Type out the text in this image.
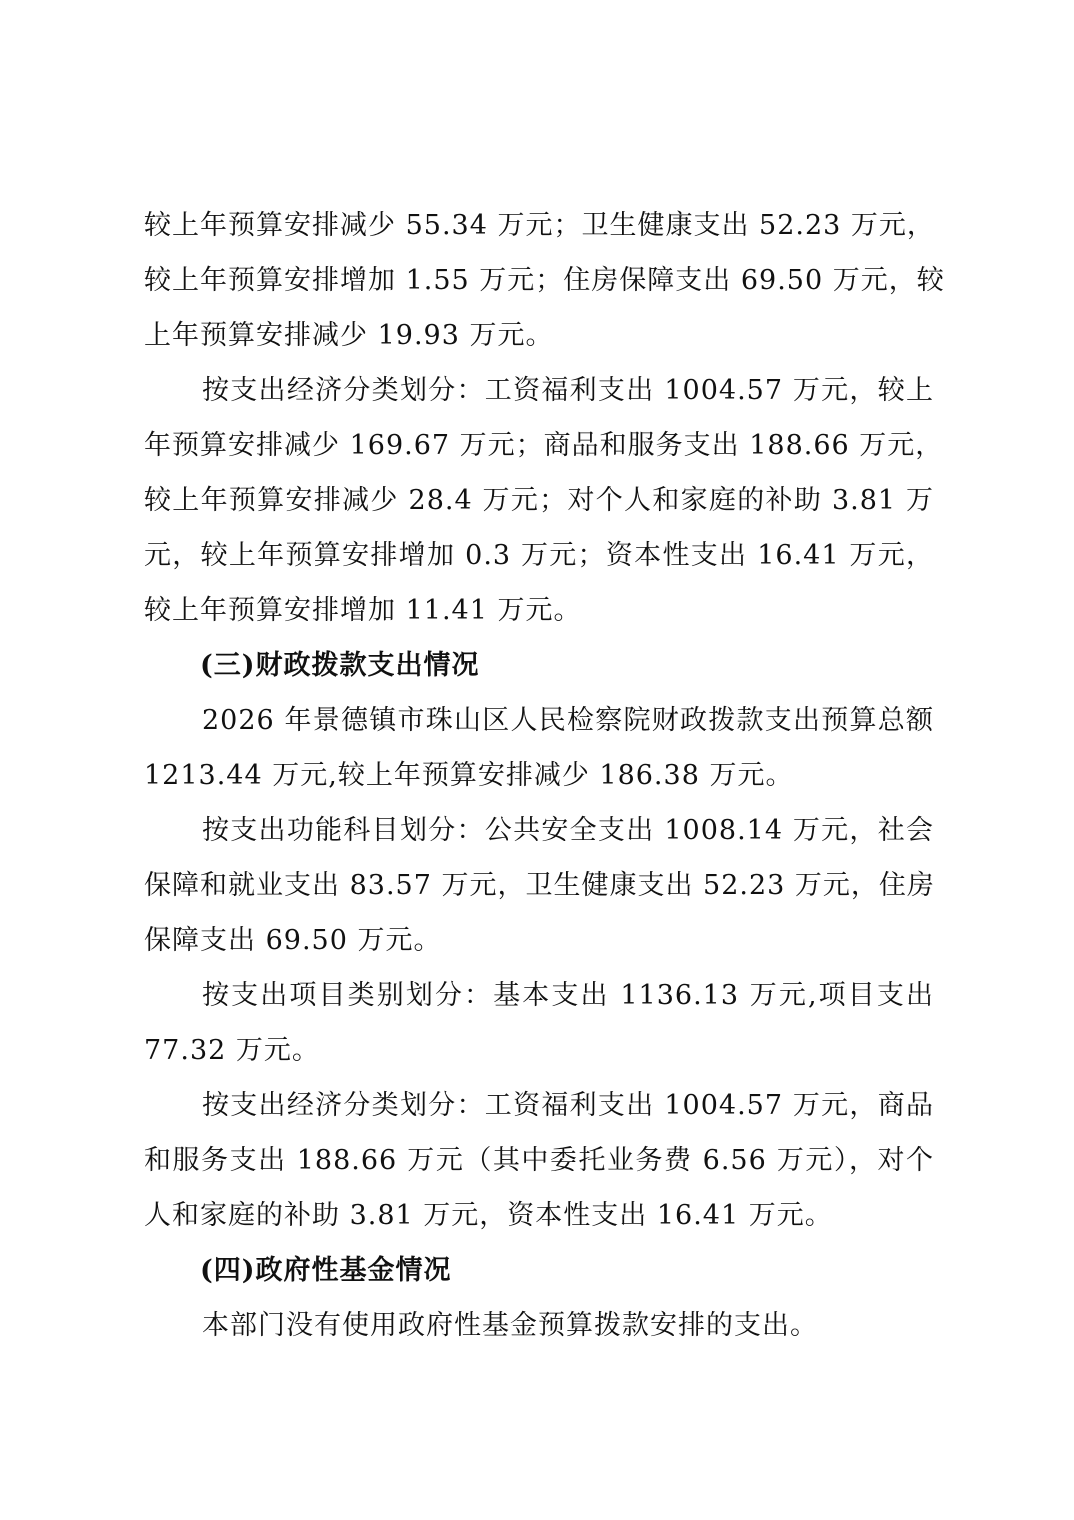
较上年预算安排减少 55.34 万元；卫生健康支出 52.23 万元，
较上年预算安排增加 1.55 万元；住房保障支出 69.50 万元，较
上年预算安排减少 19.93 万元。
按支出经济分类划分：工资福利支出 1004.57 万元，较上
年预算安排减少 169.67 万元；商品和服务支出 188.66 万元，
较上年预算安排减少 28.4 万元；对个人和家庭的补助 3.81 万
元，较上年预算安排增加 0.3 万元；资本性支出 16.41 万元，
较上年预算安排增加 11.41 万元。
(三)财政拨款支出情况
2026 年景德镇市珠山区人民检察院财政拨款支出预算总额
1213.44 万元,较上年预算安排减少 186.38 万元。
按支出功能科目划分：公共安全支出 1008.14 万元，社会
保障和就业支出 83.57 万元，卫生健康支出 52.23 万元，住房
保障支出 69.50 万元。
按支出项目类别划分：基本支出 1136.13 万元,项目支出
77.32 万元。
按支出经济分类划分：工资福利支出 1004.57 万元，商品
和服务支出 188.66 万元（其中委托业务费 6.56 万元），对个
人和家庭的补助 3.81 万元，资本性支出 16.41 万元。
(四)政府性基金情况
本部门没有使用政府性基金预算拨款安排的支出。
